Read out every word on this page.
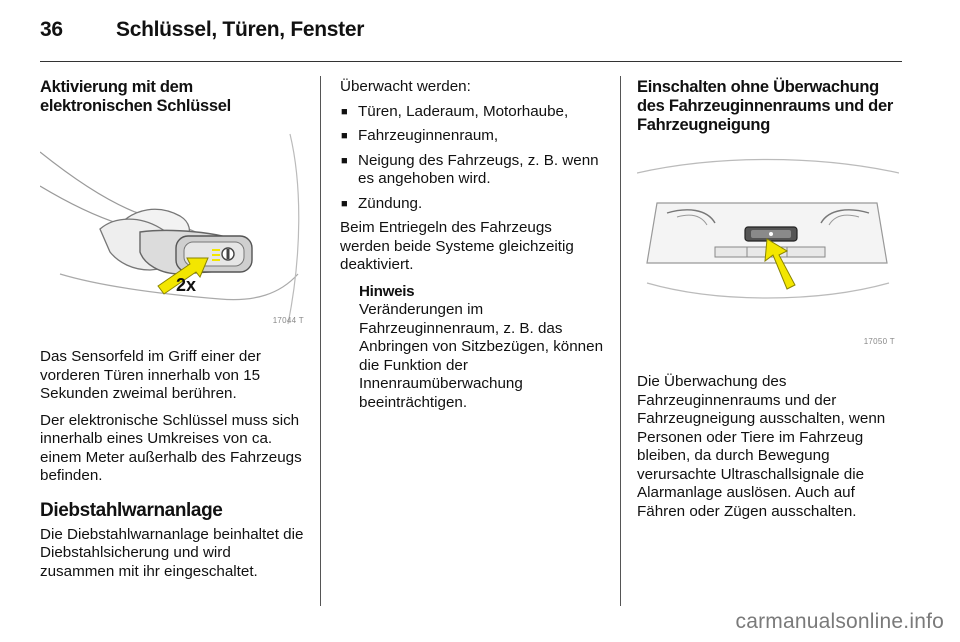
36	Schlüssel, Türen, Fenster
Aktivierung mit dem elektronischen Schlüssel
2x
17044 T

Das Sensorfeld im Griff einer der vorderen Türen innerhalb von 15 Sekunden zweimal berühren.

Der elektronische Schlüssel muss sich innerhalb eines Umkreises von ca. einem Meter außerhalb des Fahrzeugs befinden.

Diebstahlwarnanlage

Die Diebstahlwarnanlage beinhaltet die Diebstahlsicherung und wird zusammen mit ihr eingeschaltet.

Überwacht werden:

■ Türen, Laderaum, Motorhaube,
■ Fahrzeuginnenraum,
■ Neigung des Fahrzeugs, z. B. wenn es angehoben wird.
■ Zündung.

Beim Entriegeln des Fahrzeugs werden beide Systeme gleichzeitig deaktiviert.

Hinweis
Veränderungen im Fahrzeuginnenraum, z. B. das Anbringen von Sitzbezügen, können die Funktion der Innenraumüberwachung beeinträchtigen.
Einschalten ohne Überwachung des Fahrzeuginnenraums und der Fahrzeugneigung
17050 T

Die Überwachung des Fahrzeuginnenraums und der Fahrzeugneigung ausschalten, wenn Personen oder Tiere im Fahrzeug bleiben, da durch Bewegung verursachte Ultraschallsignale die Alarmanlage auslösen. Auch auf Fähren oder Zügen ausschalten.

carmanualsonline.info
